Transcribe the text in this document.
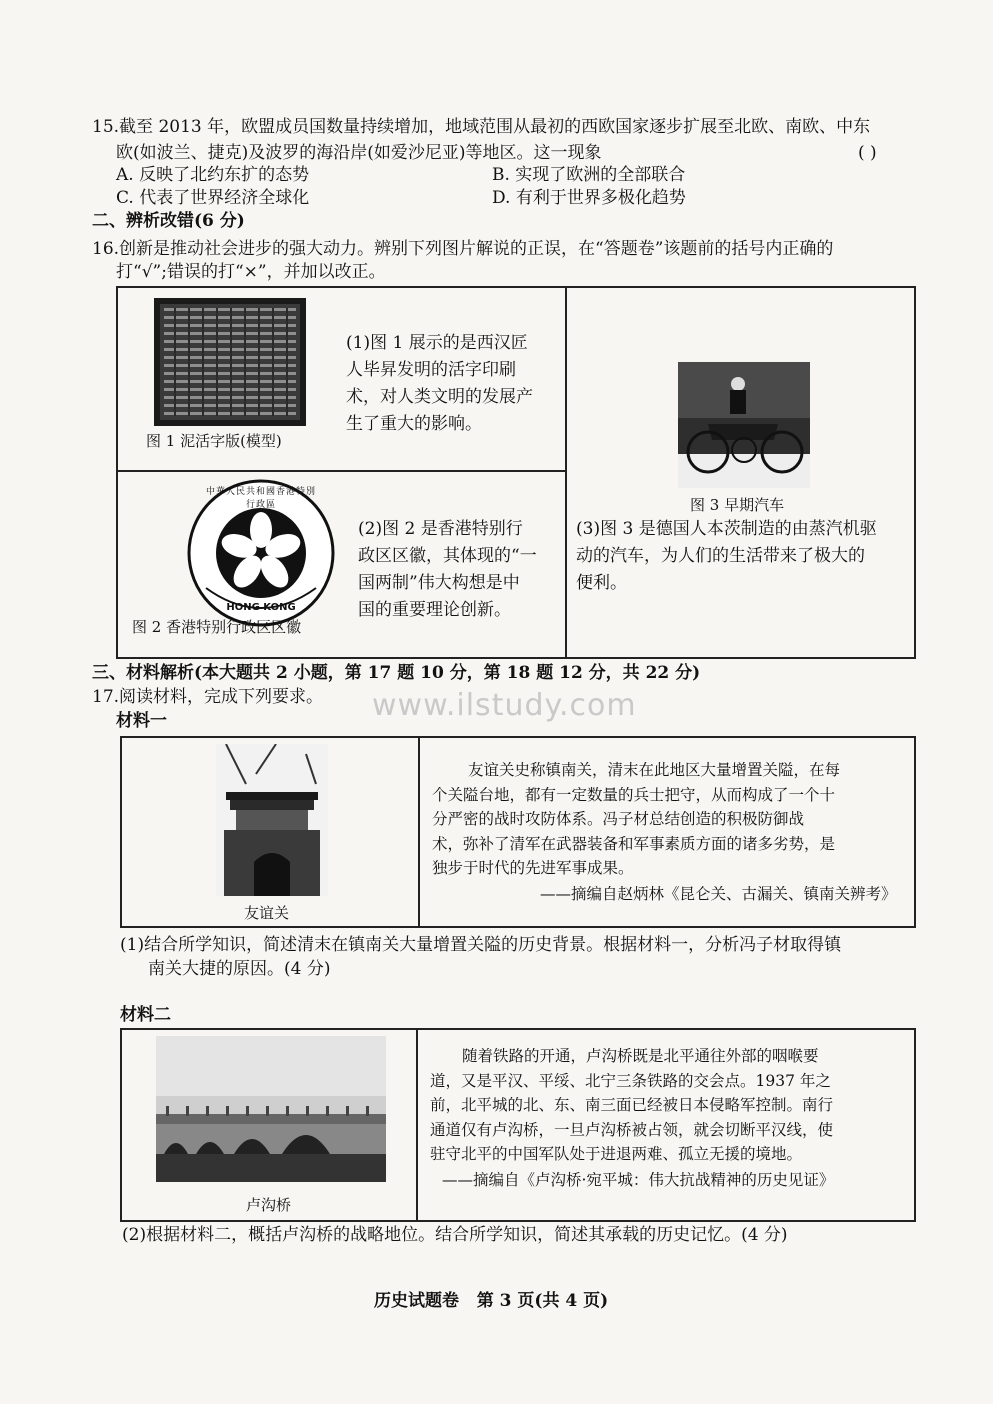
15.截至 2013 年，欧盟成员国数量持续增加，地域范围从最初的西欧国家逐步扩展至北欧、南欧、中东
欧(如波兰、捷克)及波罗的海沿岸(如爱沙尼亚)等地区。这一现象	( )
A. 反映了北约东扩的态势	B. 实现了欧洲的全部联合
C. 代表了世界经济全球化	D. 有利于世界多极化趋势
二、辨析改错(6 分)
16.创新是推动社会进步的强大动力。辨别下列图片解说的正误，在“答题卷”该题前的括号内正确的
打“√”;错误的打“×”，并加以改正。
图 1 泥活字版(模型)
(1)图 1 展示的是西汉匠
人毕昇发明的活字印刷
术，对人类文明的发展产
生了重大的影响。
中華人民共和國香港特別行政區
HONG KONG
图 2 香港特别行政区区徽
(2)图 2 是香港特别行
政区区徽，其体现的“一
国两制”伟大构想是中
国的重要理论创新。
图 3 早期汽车
(3)图 3 是德国人本茨制造的由蒸汽机驱
动的汽车，为人们的生活带来了极大的
便利。
三、材料解析(本大题共 2 小题，第 17 题 10 分，第 18 题 12 分，共 22 分)
17.阅读材料，完成下列要求。
材料一	www.ilstudy.com
友谊关
友谊关史称镇南关，清末在此地区大量增置关隘，在每
个关隘台地，都有一定数量的兵士把守，从而构成了一个十
分严密的战时攻防体系。冯子材总结创造的积极防御战
术，弥补了清军在武器装备和军事素质方面的诸多劣势，是
独步于时代的先进军事成果。
——摘编自赵炳林《昆仑关、古漏关、镇南关辨考》
(1)结合所学知识，简述清末在镇南关大量增置关隘的历史背景。根据材料一，分析冯子材取得镇
南关大捷的原因。(4 分)
材料二
卢沟桥
随着铁路的开通，卢沟桥既是北平通往外部的咽喉要
道，又是平汉、平绥、北宁三条铁路的交会点。1937 年之
前，北平城的北、东、南三面已经被日本侵略军控制。南行
通道仅有卢沟桥，一旦卢沟桥被占领，就会切断平汉线，使
驻守北平的中国军队处于进退两难、孤立无援的境地。
——摘编自《卢沟桥·宛平城：伟大抗战精神的历史见证》
(2)根据材料二，概括卢沟桥的战略地位。结合所学知识，简述其承载的历史记忆。(4 分)
历史试题卷   第 3 页(共 4 页)
